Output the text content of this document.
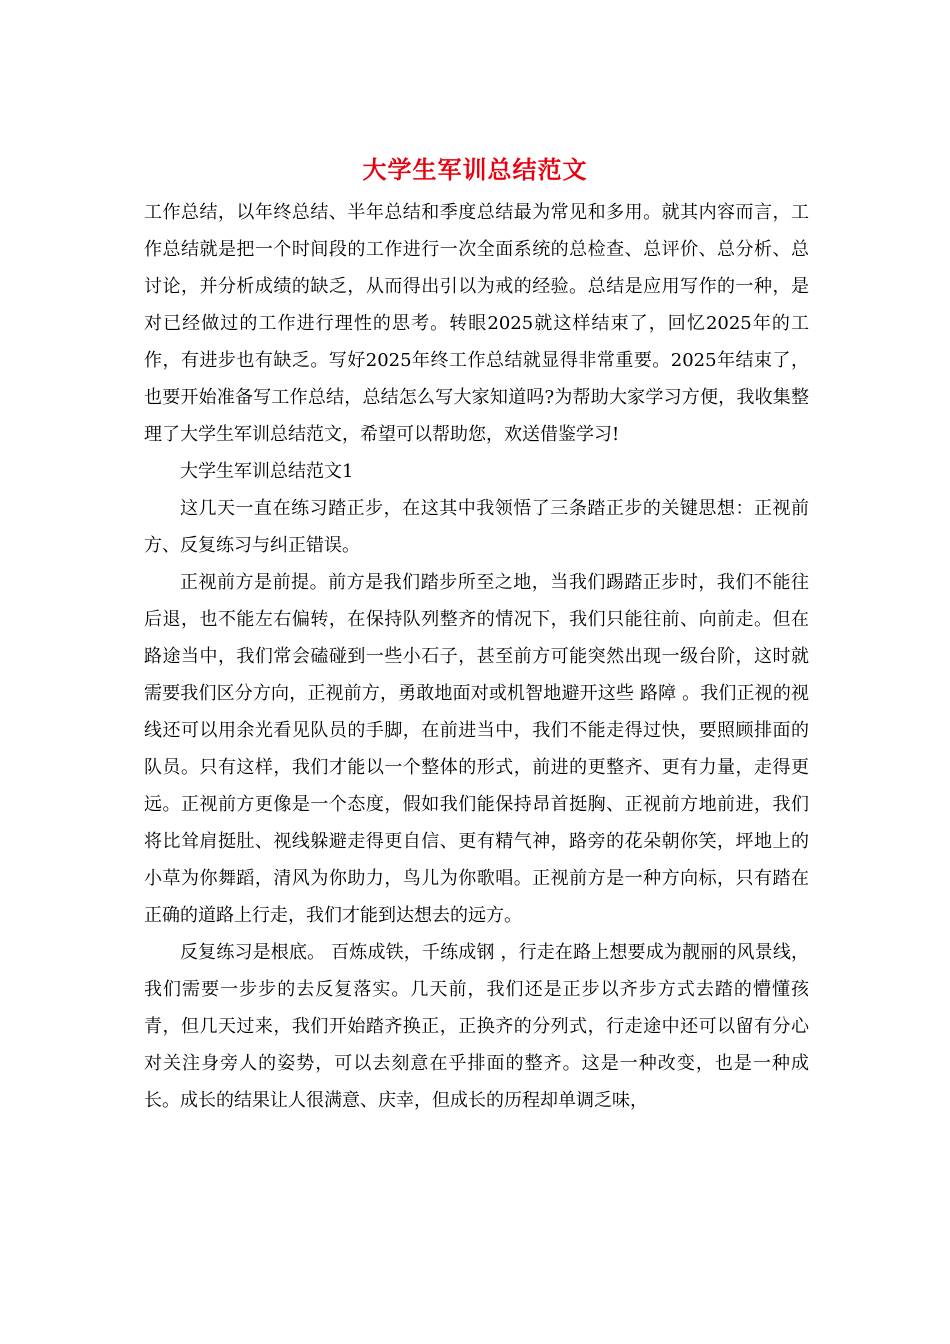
大学生军训总结范文

工作总结，以年终总结、半年总结和季度总结最为常见和多用。就其内容而言，工作总结就是把一个时间段的工作进行一次全面系统的总检查、总评价、总分析、总讨论，并分析成绩的缺乏，从而得出引以为戒的经验。总结是应用写作的一种，是对已经做过的工作进行理性的思考。转眼2025就这样结束了，回忆2025年的工作，有进步也有缺乏。写好2025年终工作总结就显得非常重要。2025年结束了，也要开始准备写工作总结，总结怎么写大家知道吗?为帮助大家学习方便，我收集整理了大学生军训总结范文，希望可以帮助您，欢送借鉴学习!

大学生军训总结范文1

这几天一直在练习踏正步，在这其中我领悟了三条踏正步的关键思想：正视前方、反复练习与纠正错误。

正视前方是前提。前方是我们踏步所至之地，当我们踢踏正步时，我们不能往后退，也不能左右偏转，在保持队列整齐的情况下，我们只能往前、向前走。但在路途当中，我们常会磕碰到一些小石子，甚至前方可能突然出现一级台阶，这时就需要我们区分方向，正视前方，勇敢地面对或机智地避开这些 路障 。我们正视的视线还可以用余光看见队员的手脚，在前进当中，我们不能走得过快，要照顾排面的队员。只有这样，我们才能以一个整体的形式，前进的更整齐、更有力量，走得更远。正视前方更像是一个态度，假如我们能保持昂首挺胸、正视前方地前进，我们将比耸肩挺肚、视线躲避走得更自信、更有精气神，路旁的花朵朝你笑，坪地上的小草为你舞蹈，清风为你助力，鸟儿为你歌唱。正视前方是一种方向标，只有踏在正确的道路上行走，我们才能到达想去的远方。

反复练习是根底。 百炼成铁，千练成钢 ，行走在路上想要成为靓丽的风景线，我们需要一步步的去反复落实。几天前，我们还是正步以齐步方式去踏的懵懂孩青，但几天过来，我们开始踏齐换正，正换齐的分列式，行走途中还可以留有分心对关注身旁人的姿势，可以去刻意在乎排面的整齐。这是一种改变，也是一种成长。成长的结果让人很满意、庆幸，但成长的历程却单调乏味，
